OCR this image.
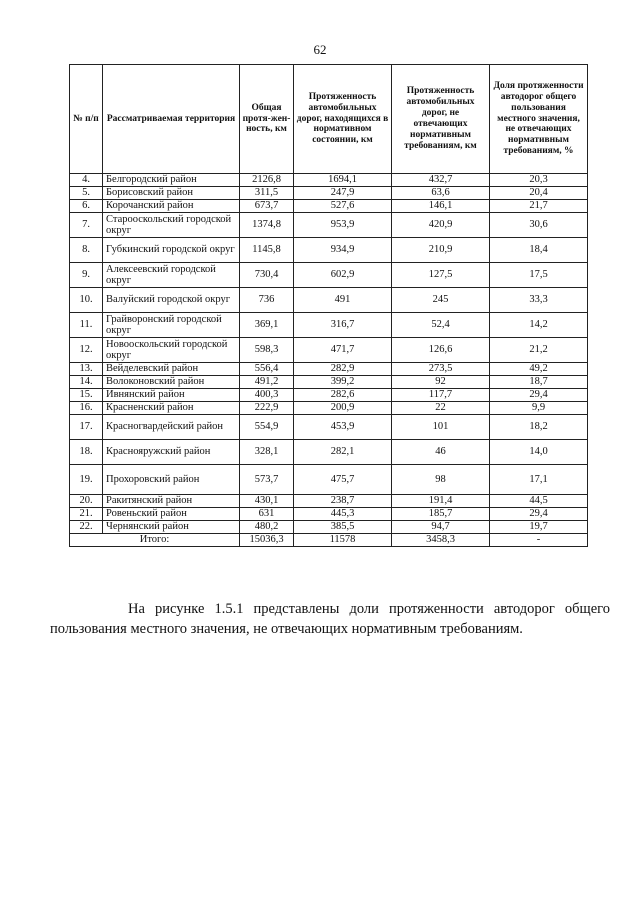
62
№ п/п	Рассматриваемая территория	Общая протя-жен-ность, км	Протяженность автомобильных дорог, находящихся в нормативном состоянии, км	Протяженность автомобильных дорог, не отвечающих нормативным требованиям, км	Доля протяженности автодорог общего пользования местного значения, не отвечающих нормативным требованиям, %
4.	Белгородский район	2126,8	1694,1	432,7	20,3
5.	Борисовский район	311,5	247,9	63,6	20,4
6.	Корочанский район	673,7	527,6	146,1	21,7
7.	Старооскольский городской округ	1374,8	953,9	420,9	30,6
8.	Губкинский городской округ	1145,8	934,9	210,9	18,4
9.	Алексеевский городской округ	730,4	602,9	127,5	17,5
10.	Валуйский городской округ	736	491	245	33,3
11.	Грайворонский городской округ	369,1	316,7	52,4	14,2
12.	Новооскольский городской округ	598,3	471,7	126,6	21,2
13.	Вейделевский район	556,4	282,9	273,5	49,2
14.	Волоконовский район	491,2	399,2	92	18,7
15.	Ивнянский район	400,3	282,6	117,7	29,4
16.	Красненский район	222,9	200,9	22	9,9
17.	Красногвардейский район	554,9	453,9	101	18,2
18.	Краснояружский район	328,1	282,1	46	14,0
19.	Прохоровский район	573,7	475,7	98	17,1
20.	Ракитянский район	430,1	238,7	191,4	44,5
21.	Ровеньский район	631	445,3	185,7	29,4
22.	Чернянский район	480,2	385,5	94,7	19,7
Итого:		15036,3	11578	3458,3	-
На рисунке 1.5.1 представлены доли протяженности автодорог общего
пользования местного значения, не отвечающих нормативным требованиям.
